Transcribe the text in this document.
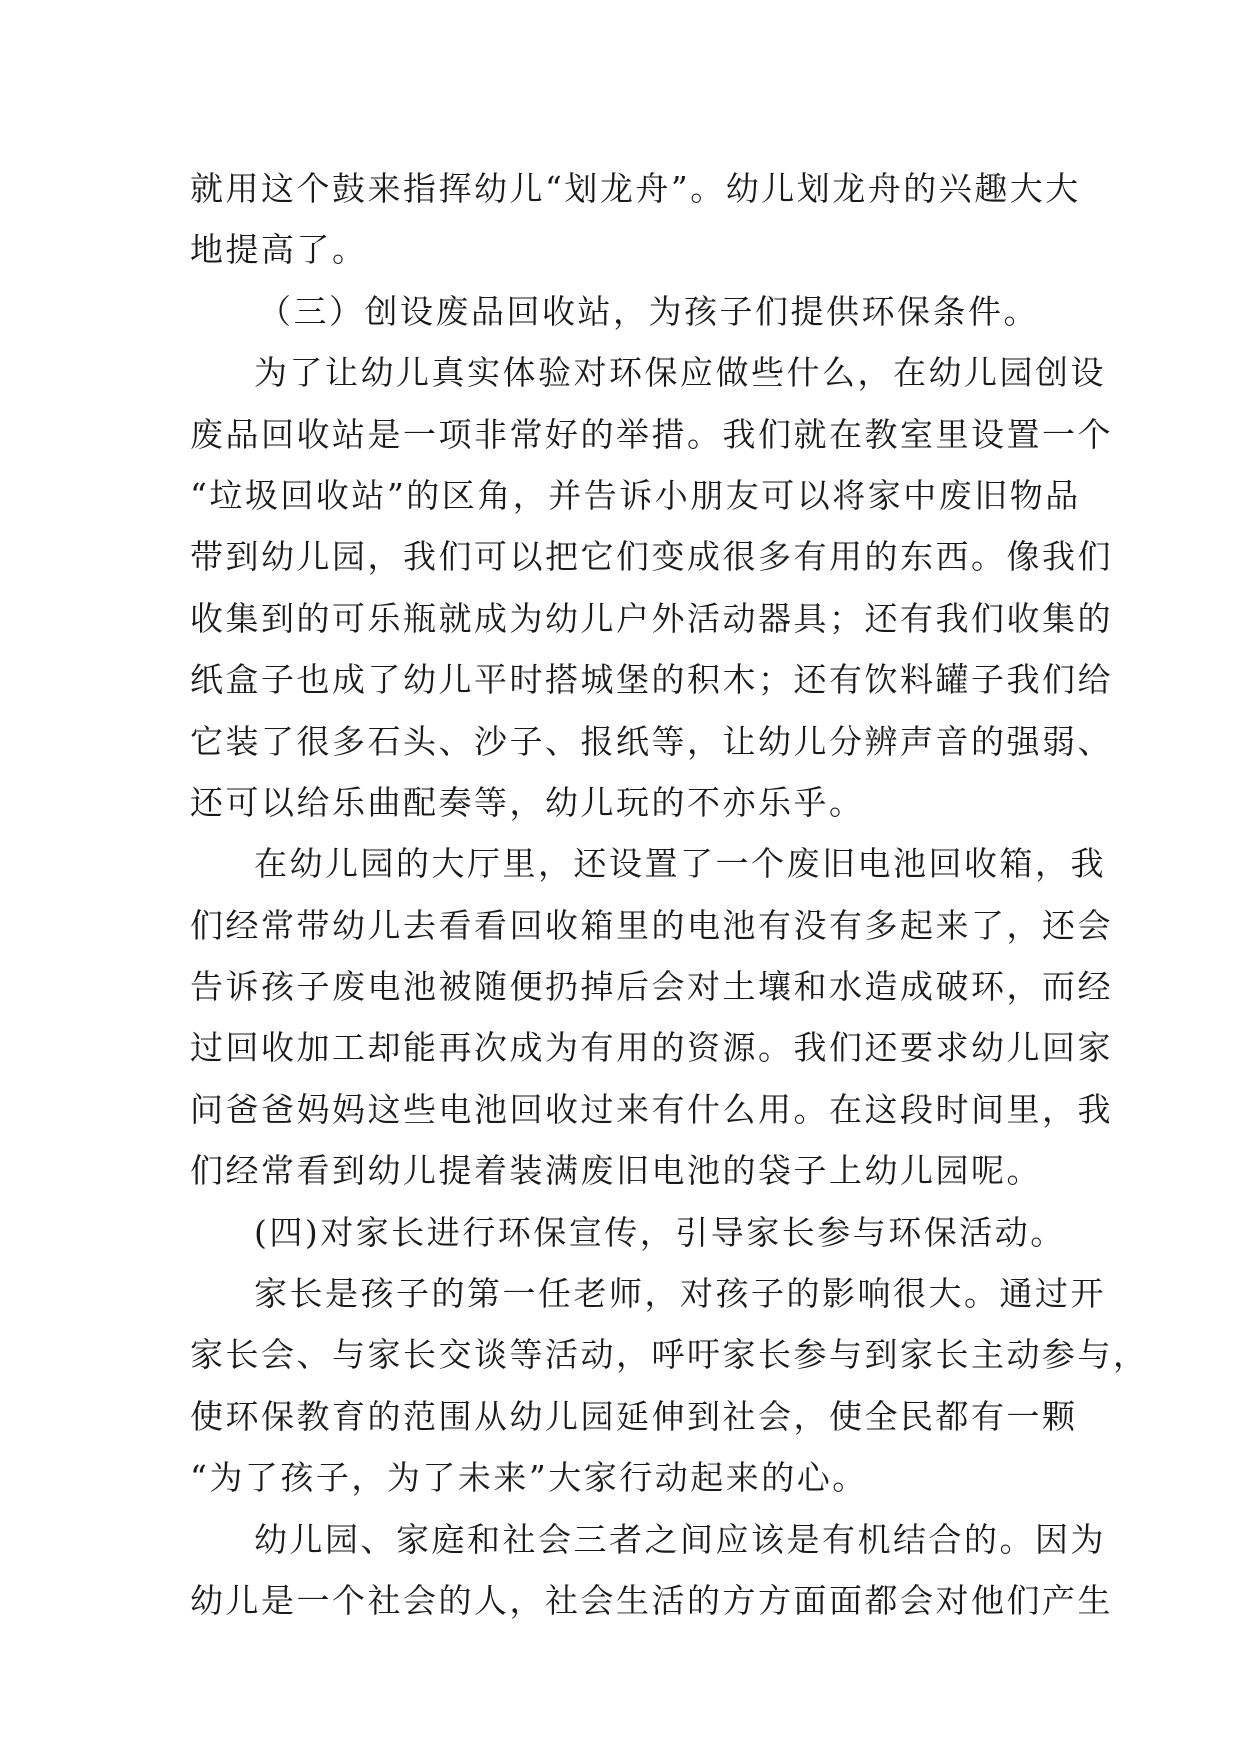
就用这个鼓来指挥幼儿“划龙舟”。幼儿划龙舟的兴趣大大
地提高了。
（三）创设废品回收站，为孩子们提供环保条件。
为了让幼儿真实体验对环保应做些什么，在幼儿园创设
废品回收站是一项非常好的举措。我们就在教室里设置一个
“垃圾回收站”的区角，并告诉小朋友可以将家中废旧物品
带到幼儿园，我们可以把它们变成很多有用的东西。像我们
收集到的可乐瓶就成为幼儿户外活动器具；还有我们收集的
纸盒子也成了幼儿平时搭城堡的积木；还有饮料罐子我们给
它装了很多石头、沙子、报纸等，让幼儿分辨声音的强弱、
还可以给乐曲配奏等，幼儿玩的不亦乐乎。
在幼儿园的大厅里，还设置了一个废旧电池回收箱，我
们经常带幼儿去看看回收箱里的电池有没有多起来了，还会
告诉孩子废电池被随便扔掉后会对土壤和水造成破环，而经
过回收加工却能再次成为有用的资源。我们还要求幼儿回家
问爸爸妈妈这些电池回收过来有什么用。在这段时间里，我
们经常看到幼儿提着装满废旧电池的袋子上幼儿园呢。
(四)对家长进行环保宣传，引导家长参与环保活动。
家长是孩子的第一任老师，对孩子的影响很大。通过开
家长会、与家长交谈等活动，呼吁家长参与到家长主动参与，
使环保教育的范围从幼儿园延伸到社会，使全民都有一颗
“为了孩子，为了未来”大家行动起来的心。
幼儿园、家庭和社会三者之间应该是有机结合的。因为
幼儿是一个社会的人，社会生活的方方面面都会对他们产生
